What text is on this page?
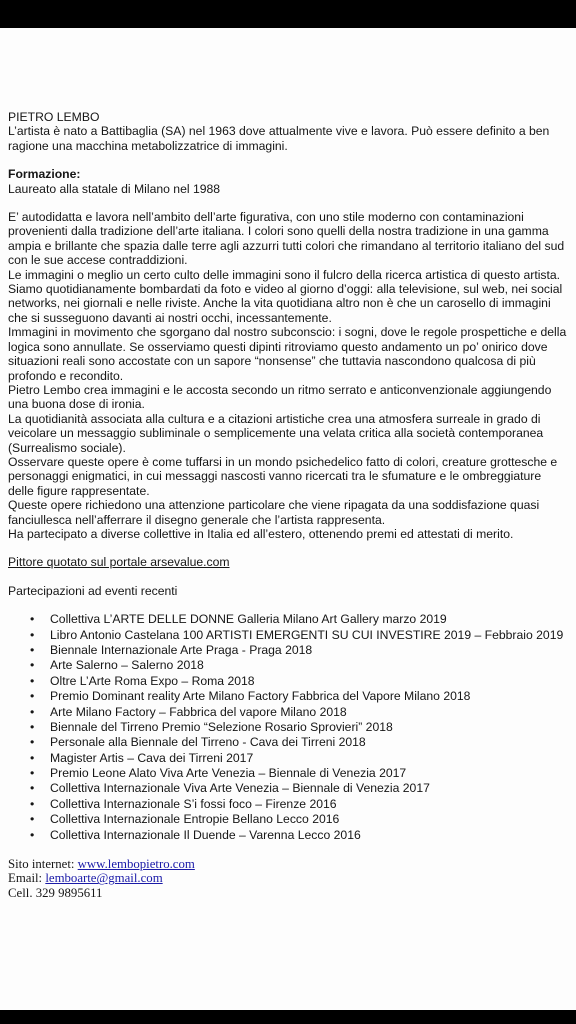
PIETRO LEMBO

L’artista è nato a Battibaglia (SA) nel 1963 dove attualmente vive e lavora. Può essere definito a ben ragione una macchina metabolizzatrice di immagini.

Formazione:

Laureato alla statale di Milano nel 1988

E’ autodidatta e lavora nell’ambito dell’arte figurativa, con uno stile moderno con contaminazioni provenienti dalla tradizione dell’arte italiana. I colori sono quelli della nostra tradizione in una gamma ampia e brillante che spazia dalle terre agli azzurri tutti colori che rimandano al territorio italiano del sud con le sue accese contraddizioni.

Le immagini o meglio un certo culto delle immagini sono il fulcro della ricerca artistica di questo artista. Siamo quotidianamente bombardati da foto e video al giorno d’oggi: alla televisione, sul web, nei social networks, nei giornali e nelle riviste. Anche la vita quotidiana altro non è che un carosello di immagini che si susseguono davanti ai nostri occhi, incessantemente.

Immagini in movimento che sgorgano dal nostro subconscio: i sogni, dove le regole prospettiche e della logica sono annullate. Se osserviamo questi dipinti ritroviamo questo andamento un po’ onirico dove situazioni reali sono accostate con un sapore “nonsense” che tuttavia nascondono qualcosa di più profondo e recondito.

Pietro Lembo crea immagini e le accosta secondo un ritmo serrato e anticonvenzionale aggiungendo una buona dose di ironia.

La quotidianità associata alla cultura e a citazioni artistiche crea una atmosfera surreale in grado di veicolare un messaggio subliminale o semplicemente una velata critica alla società contemporanea (Surrealismo sociale).

Osservare queste opere è come tuffarsi in un mondo psichedelico fatto di colori, creature grottesche e personaggi enigmatici, in cui messaggi nascosti vanno ricercati tra le sfumature e le ombreggiature delle figure rappresentate.

Queste opere richiedono una attenzione particolare che viene ripagata da una soddisfazione quasi fanciullesca nell’afferrare il disegno generale che l’artista rappresenta.

Ha partecipato a diverse collettive in Italia ed all’estero, ottenendo premi ed attestati di merito.

Pittore quotato sul portale arsevalue.com

Partecipazioni ad eventi recenti

• Collettiva L’ARTE DELLE DONNE Galleria Milano Art Gallery marzo 2019
• Libro Antonio Castelana 100 ARTISTI EMERGENTI SU CUI INVESTIRE 2019 – Febbraio 2019
• Biennale Internazionale Arte Praga - Praga 2018
• Arte Salerno – Salerno 2018
• Oltre L’Arte Roma Expo – Roma 2018
• Premio Dominant reality Arte Milano Factory Fabbrica del Vapore Milano 2018
• Arte Milano Factory – Fabbrica del vapore Milano 2018
• Biennale del Tirreno Premio “Selezione Rosario Sprovieri” 2018
• Personale alla Biennale del Tirreno - Cava dei Tirreni 2018
• Magister Artis – Cava dei Tirreni 2017
• Premio Leone Alato Viva Arte Venezia – Biennale di Venezia 2017
• Collettiva Internazionale Viva Arte Venezia – Biennale di Venezia 2017
• Collettiva Internazionale S’i fossi foco – Firenze 2016
• Collettiva Internazionale Entropie Bellano Lecco 2016
• Collettiva Internazionale Il Duende – Varenna Lecco 2016

Sito internet: www.lembopietro.com

Email: lemboarte@gmail.com

Cell. 329 9895611
